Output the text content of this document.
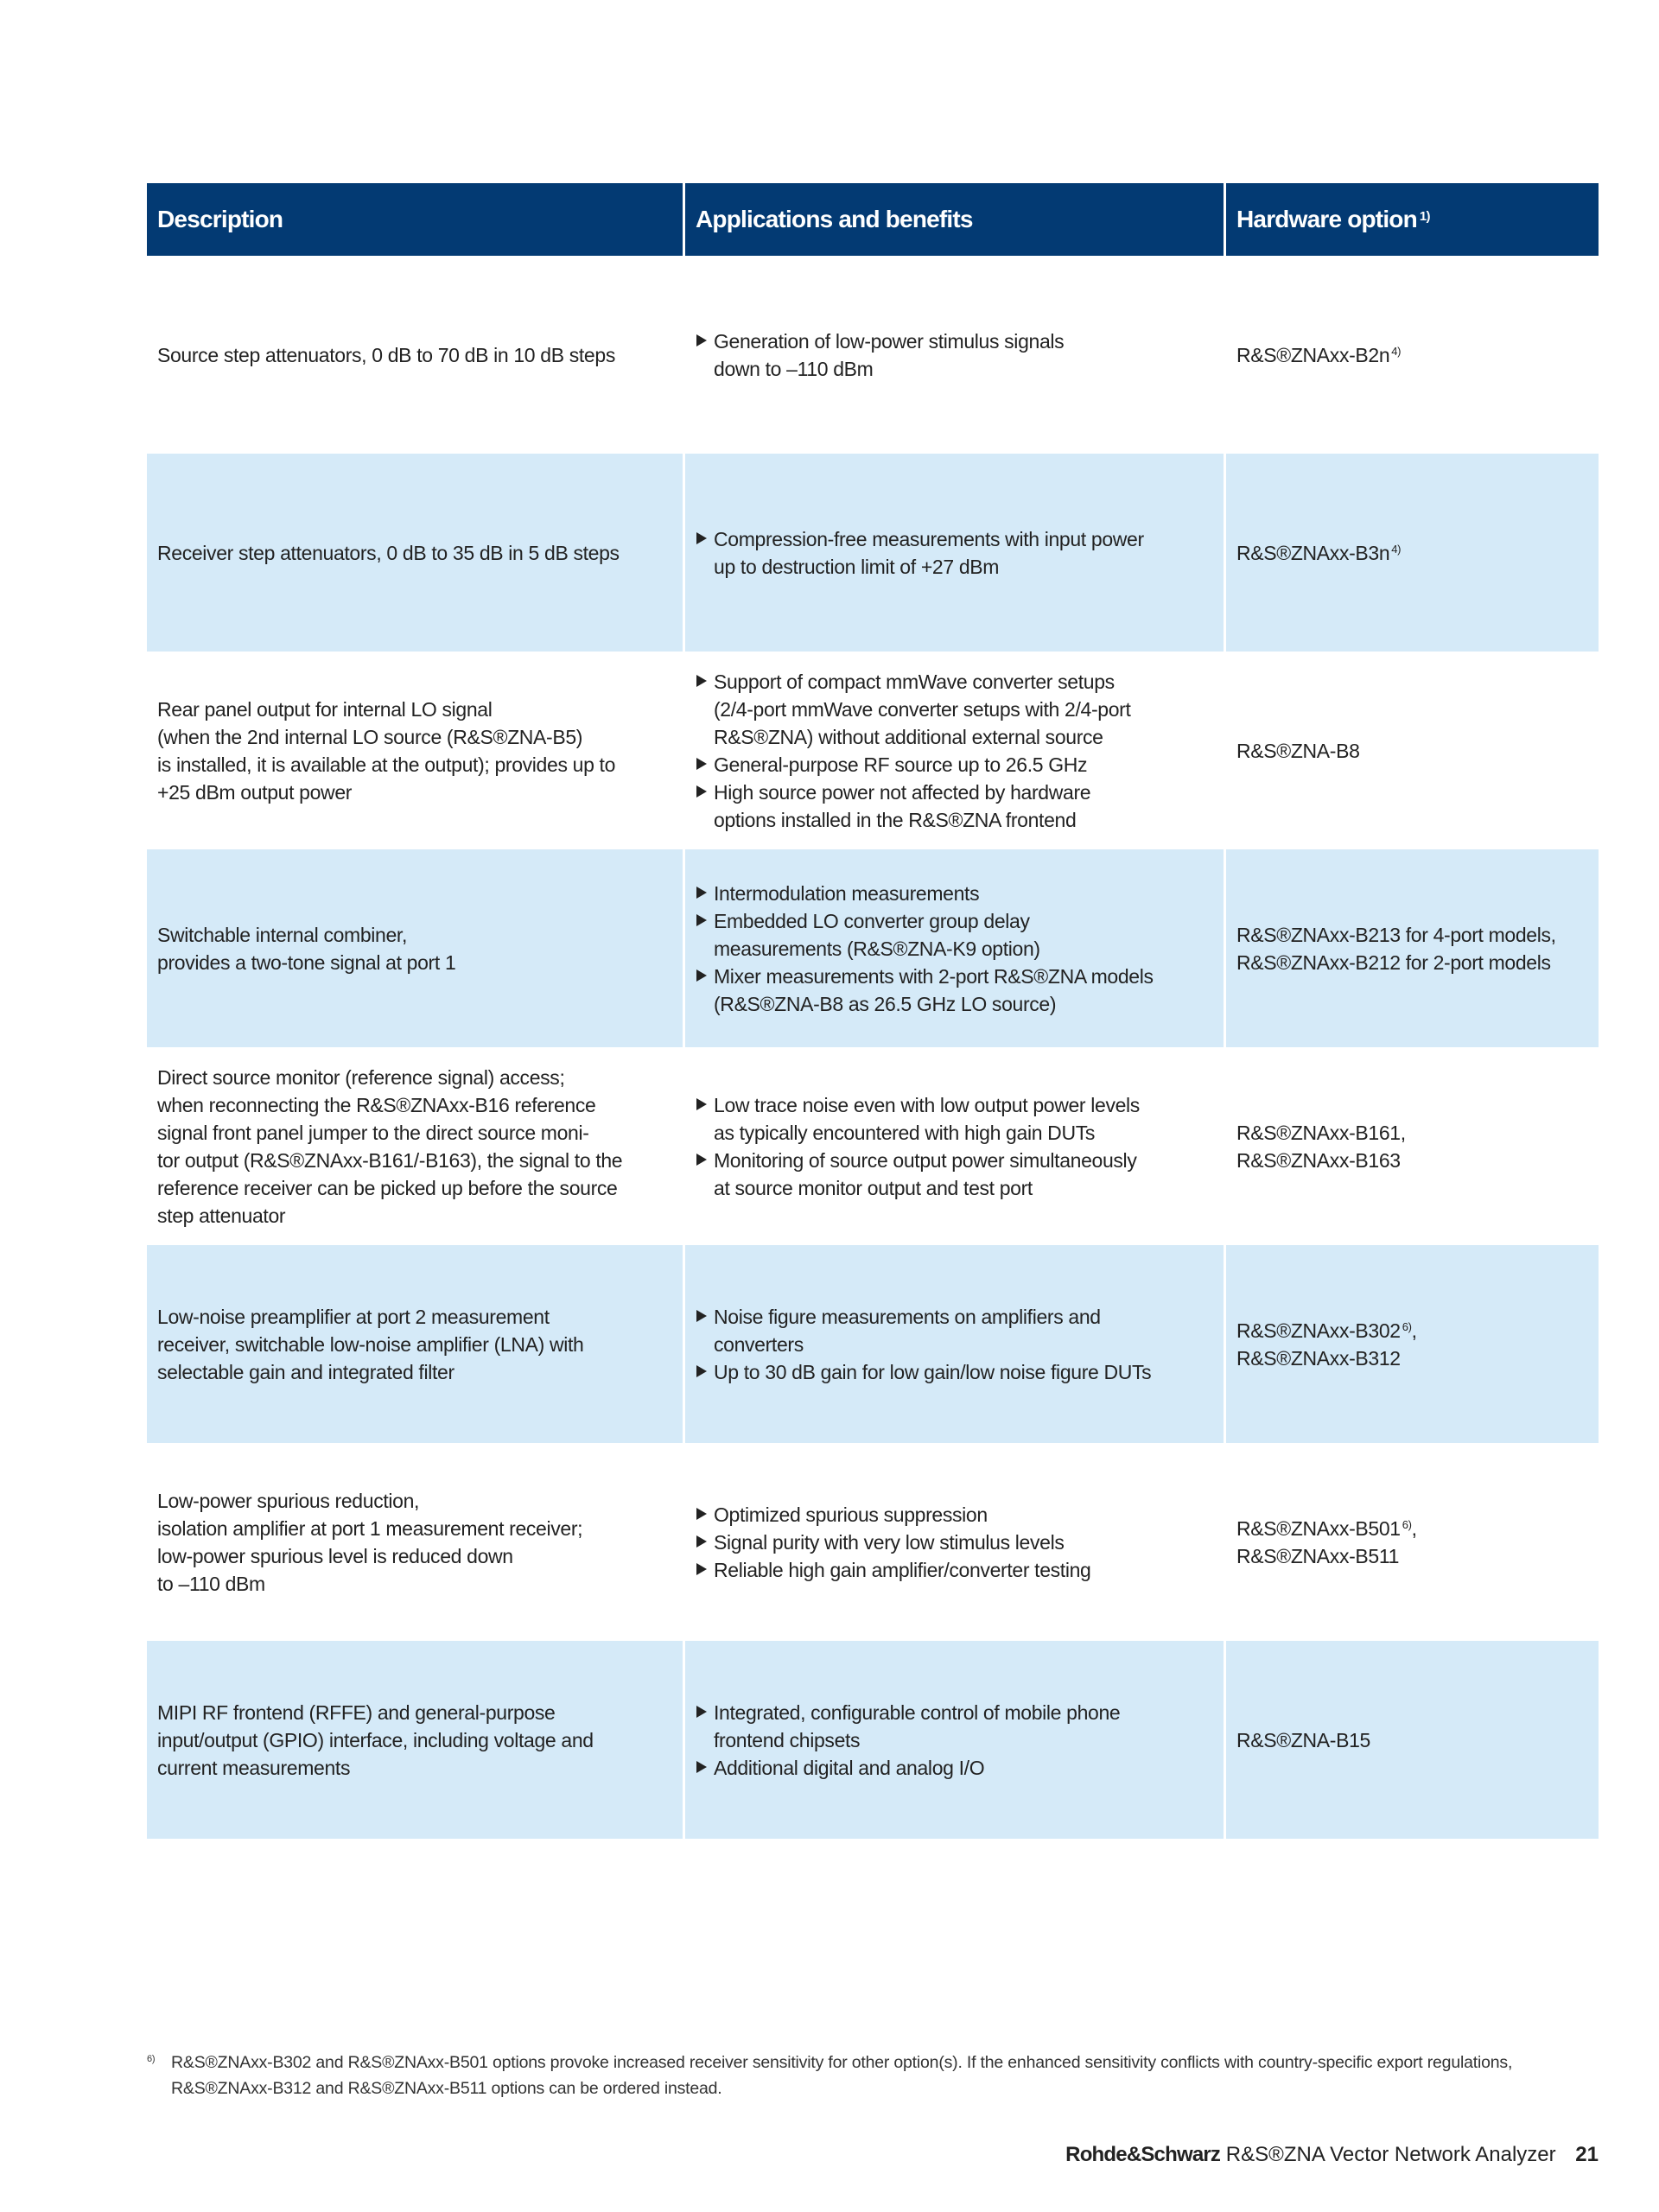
Description	Applications and benefits	Hardware option$^{1)}$
Source step attenuators, 0 dB to 70 dB in 10 dB steps
Generation of low-power stimulus signals
down to –110 dBm
R&S®ZNAxx-B2n $^{4)}$
Receiver step attenuators, 0 dB to 35 dB in 5 dB steps
Compression-free measurements with input power
up to destruction limit of +27 dBm
R&S®ZNAxx-B3n $^{4)}$
Rear panel output for internal LO signal
(when the 2nd internal LO source (R&S®ZNA-B5)
is installed, it is available at the output); provides up to
+25 dBm output power
Support of compact mmWave converter setups
(2/4-port mmWave converter setups with 2/4-port
R&S®ZNA) without additional external source
General-purpose RF source up to 26.5 GHz
High source power not affected by hardware
options installed in the R&S®ZNA frontend
R&S®ZNA-B8
Switchable internal combiner,
provides a two-tone signal at port 1
Intermodulation measurements
Embedded LO converter group delay
measurements (R&S®ZNA-K9 option)
Mixer measurements with 2-port R&S®ZNA models
(R&S®ZNA-B8 as 26.5 GHz LO source)
R&S®ZNAxx-B213 for 4-port models,
R&S®ZNAxx-B212 for 2-port models
Direct source monitor (reference signal) access;
when reconnecting the R&S®ZNAxx-B16 reference
signal front panel jumper to the direct source moni-
tor output (R&S®ZNAxx-B161/-B163), the signal to the
reference receiver can be picked up before the source
step attenuator
Low trace noise even with low output power levels
as typically encountered with high gain DUTs
Monitoring of source output power simultaneously
at source monitor output and test port
R&S®ZNAxx-B161,
R&S®ZNAxx-B163
Low-noise preamplifier at port 2 measurement
receiver, switchable low-noise amplifier (LNA) with
selectable gain and integrated filter
Noise figure measurements on amplifiers and
converters
Up to 30 dB gain for low gain/low noise figure DUTs
R&S®ZNAxx-B302 $^{6)}$,
R&S®ZNAxx-B312
Low-power spurious reduction,
isolation amplifier at port 1 measurement receiver;
low-power spurious level is reduced down
to –110 dBm
Optimized spurious suppression
Signal purity with very low stimulus levels
Reliable high gain amplifier/converter testing
R&S®ZNAxx-B501 $^{6)}$,
R&S®ZNAxx-B511
MIPI RF frontend (RFFE) and general-purpose
input/output (GPIO) interface, including voltage and
current measurements
Integrated, configurable control of mobile phone
frontend chipsets
Additional digital and analog I/O
R&S®ZNA-B15
6) R&S®ZNAxx-B302 and R&S®ZNAxx-B501 options provoke increased receiver sensitivity for other option(s). If the enhanced sensitivity conflicts with country-specific export regulations, R&S®ZNAxx-B312 and R&S®ZNAxx-B511 options can be ordered instead.
Rohde&Schwarz R&S®ZNA Vector Network Analyzer 21
